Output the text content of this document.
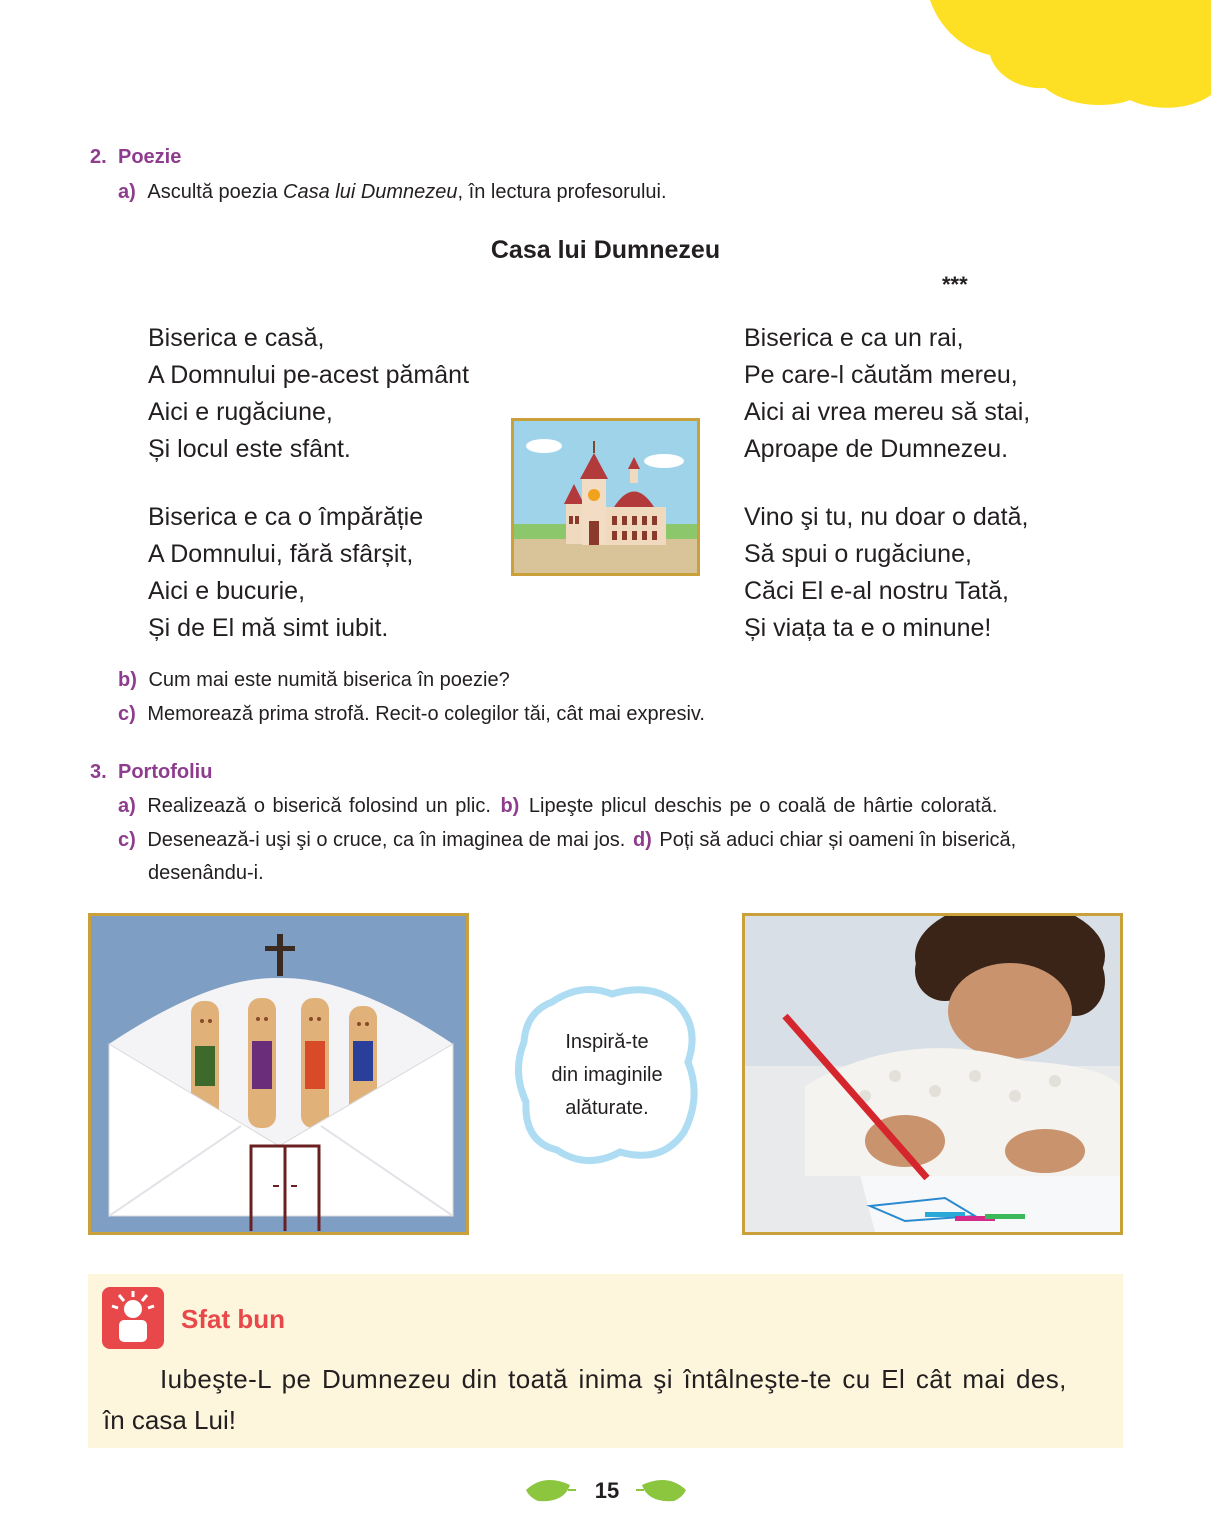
2. Poezie
a) Ascultă poezia Casa lui Dumnezeu, în lectura profesorului.
Casa lui Dumnezeu
***
Biserica e casă,
A Domnului pe-acest pământ
Aici e rugăciune,
Și locul este sfânt.
Biserica e ca o împărăție
A Domnului, fără sfârșit,
Aici e bucurie,
Și de El mă simt iubit.
Biserica e ca un rai,
Pe care-l căutăm mereu,
Aici ai vrea mereu să stai,
Aproape de Dumnezeu.
Vino şi tu, nu doar o dată,
Să spui o rugăciune,
Căci El e-al nostru Tată,
Și viața ta e o minune!
b) Cum mai este numită biserica în poezie?
c) Memorează prima strofă. Recit-o colegilor tăi, cât mai expresiv.
3. Portofoliu
a) Realizează o biserică folosind un plic. b) Lipeşte plicul deschis pe o coală de hârtie colorată.
c) Desenează-i uşi şi o cruce, ca în imaginea de mai jos. d) Poți să aduci chiar și oameni în biserică,
desenându-i.
Inspiră-te
din imaginile
alăturate.
Sfat bun
Iubeşte-L pe Dumnezeu din toată inima şi întâlneşte-te cu El cât mai des,
în casa Lui!
15
